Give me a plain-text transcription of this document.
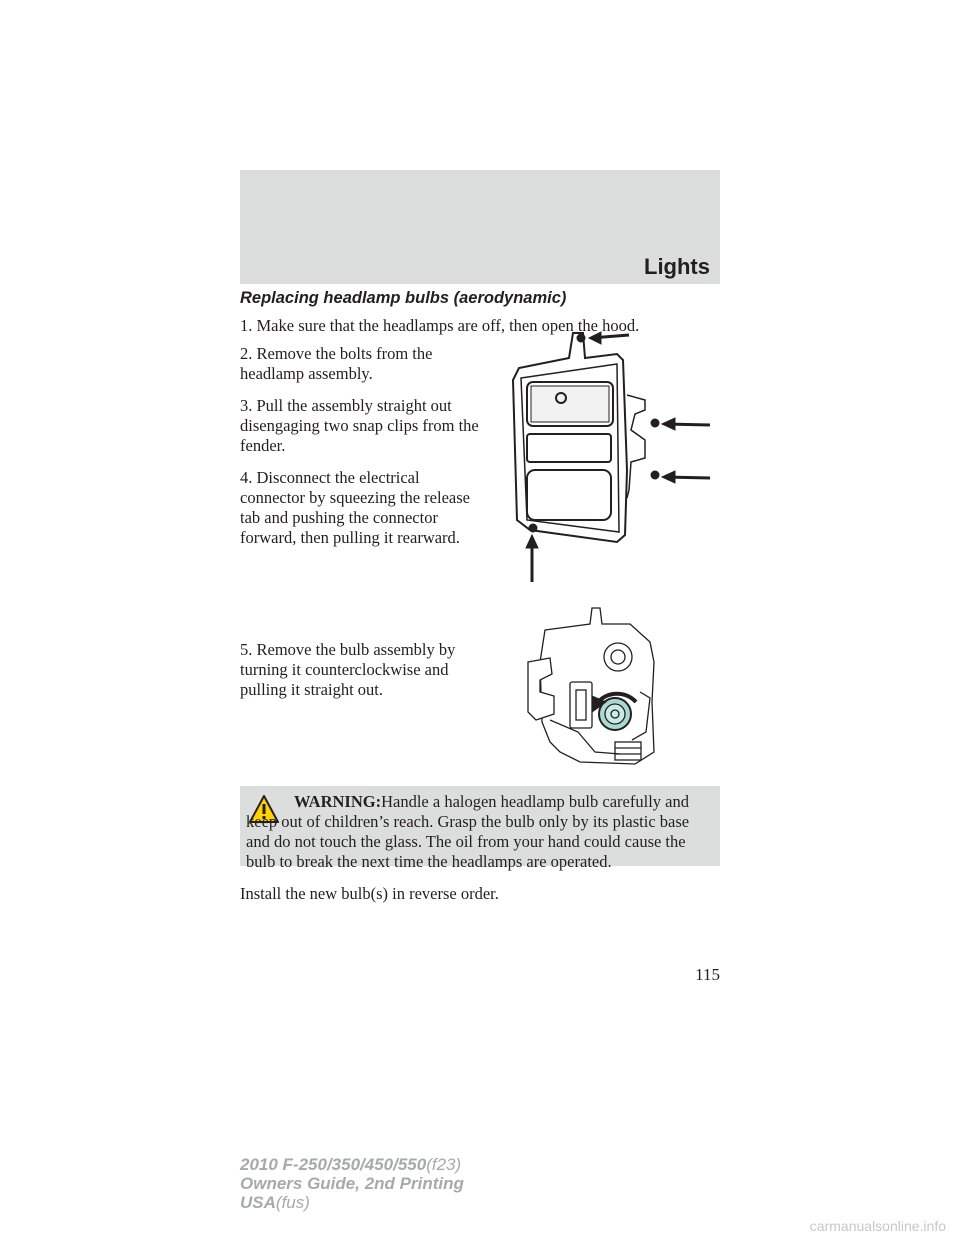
Lights
Replacing headlamp bulbs (aerodynamic)
1. Make sure that the headlamps are off, then open the hood.
2. Remove the bolts from the headlamp assembly.
3. Pull the assembly straight out disengaging two snap clips from the fender.
4. Disconnect the electrical connector by squeezing the release tab and pushing the connector forward, then pulling it rearward.
5. Remove the bulb assembly by turning it counterclockwise and pulling it straight out.
WARNING:Handle a halogen headlamp bulb carefully and keep out of children’s reach. Grasp the bulb only by its plastic base and do not touch the glass. The oil from your hand could cause the bulb to break the next time the headlamps are operated.
Install the new bulb(s) in reverse order.
115
2010 F-250/350/450/550(f23)
Owners Guide, 2nd Printing
USA(fus)
carmanualsonline.info
